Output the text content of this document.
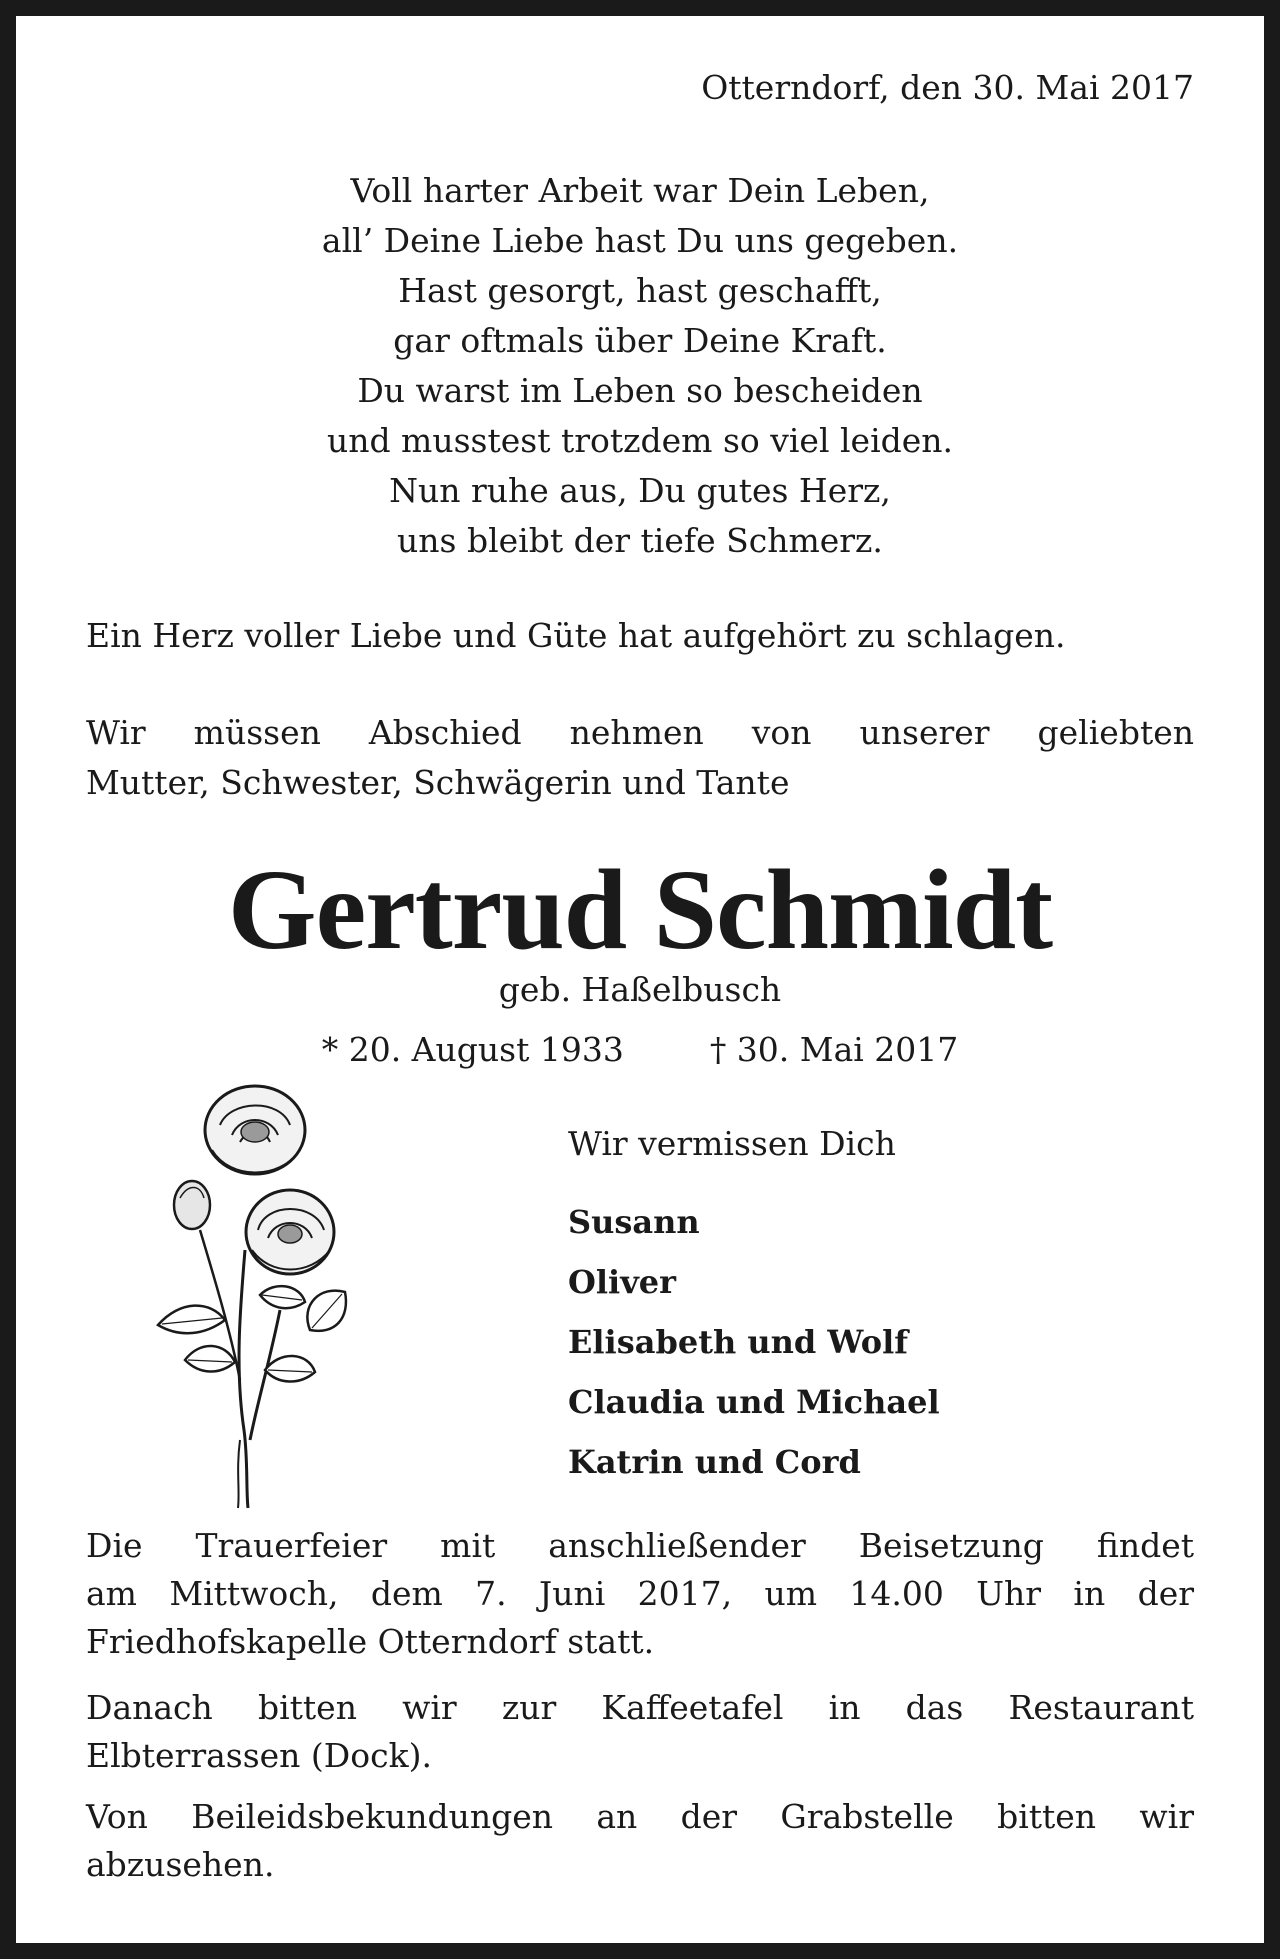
Otterndorf, den 30. Mai 2017
Voll harter Arbeit war Dein Leben,
all’ Deine Liebe hast Du uns gegeben.
Hast gesorgt, hast geschafft,
gar oftmals über Deine Kraft.
Du warst im Leben so bescheiden
und musstest trotzdem so viel leiden.
Nun ruhe aus, Du gutes Herz,
uns bleibt der tiefe Schmerz.
Ein Herz voller Liebe und Güte hat aufgehört zu schlagen.
Wir müssen Abschied nehmen von unserer geliebten
Mutter, Schwester, Schwägerin und Tante
Gertrud Schmidt
geb. Haßelbusch
* 20. August 1933	† 30. Mai 2017
Wir vermissen Dich
Susann
Oliver
Elisabeth und Wolf
Claudia und Michael
Katrin und Cord
Die Trauerfeier mit anschließender Beisetzung findet
am Mittwoch, dem 7. Juni 2017, um 14.00 Uhr in der
Friedhofskapelle Otterndorf statt.
Danach bitten wir zur Kaffeetafel in das Restaurant
Elbterrassen (Dock).
Von Beileidsbekundungen an der Grabstelle bitten wir
abzusehen.
